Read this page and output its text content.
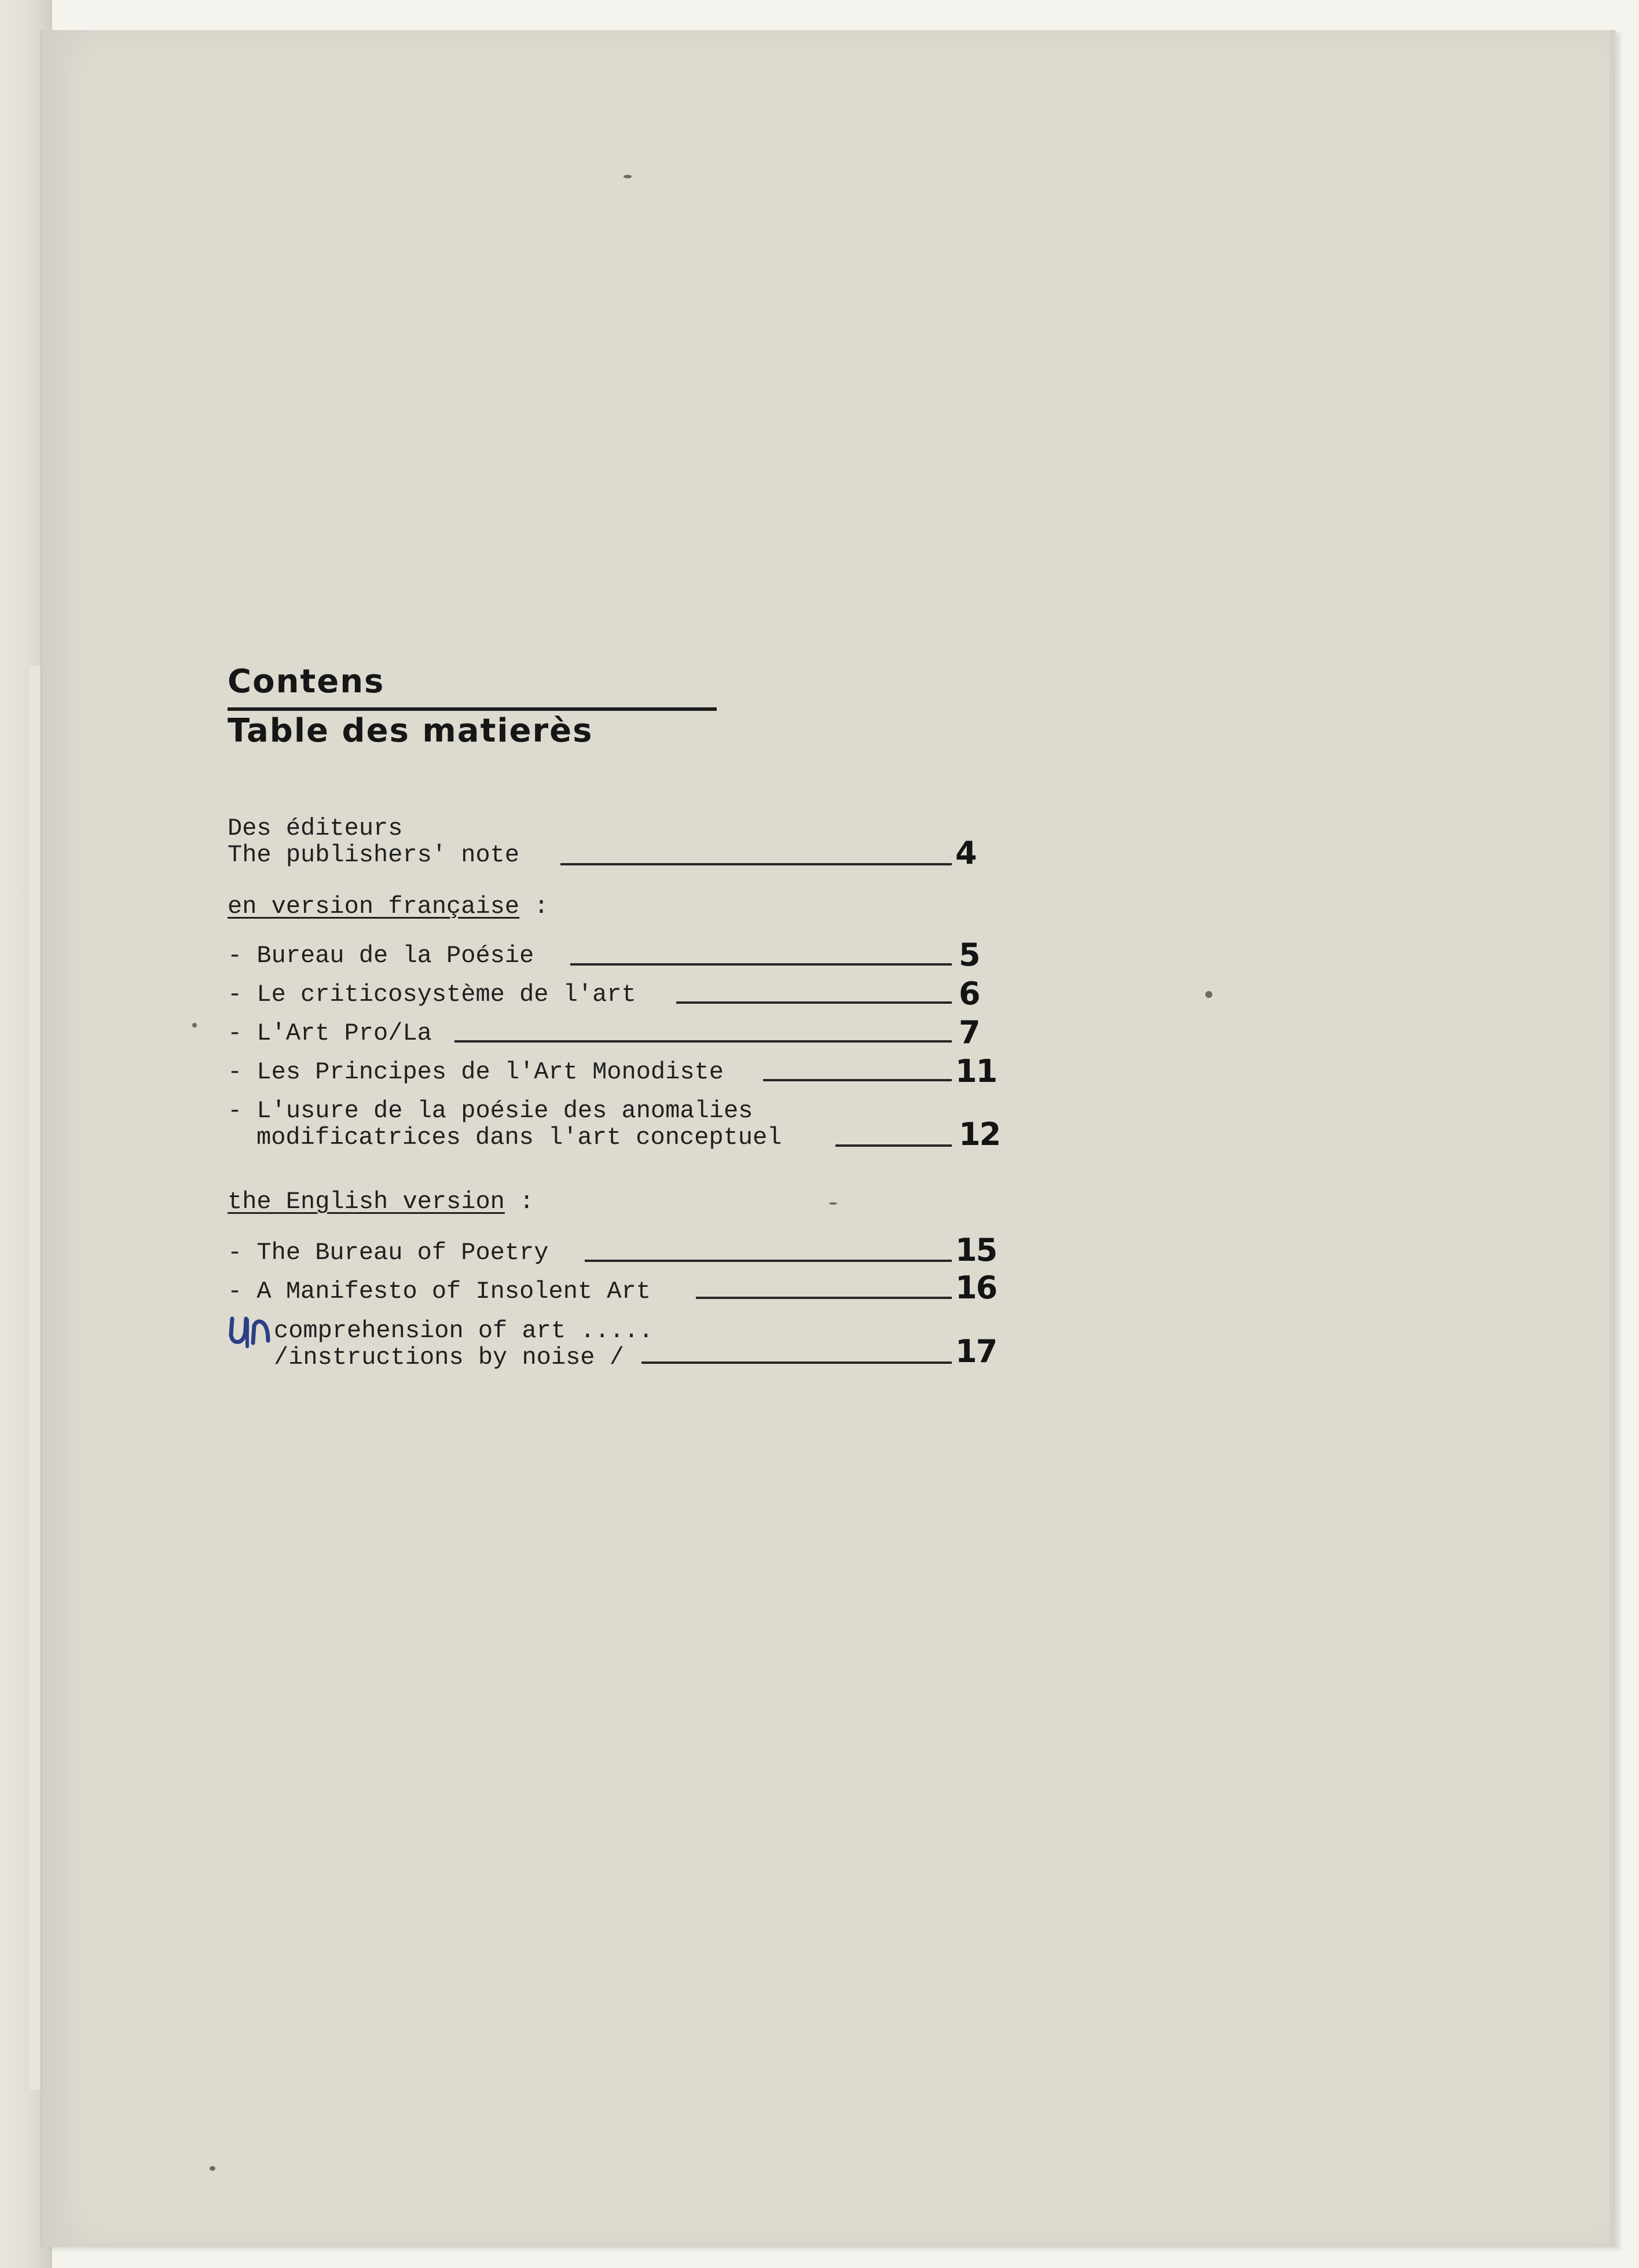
Contens
Table des matierès

Des éditeurs

The publishers' note	4

en version française :

- Bureau de la Poésie	5

- Le criticosystème de l'art	6

- L'Art Pro/La	7

- Les Principes de l'Art Monodiste	11

- L'usure de la poésie des anomalies

modificatrices dans l'art conceptuel	12

the English version :

- The Bureau of Poetry	15

- A Manifesto of Insolent Art	16

comprehension of art .....

/instructions by noise /	17
